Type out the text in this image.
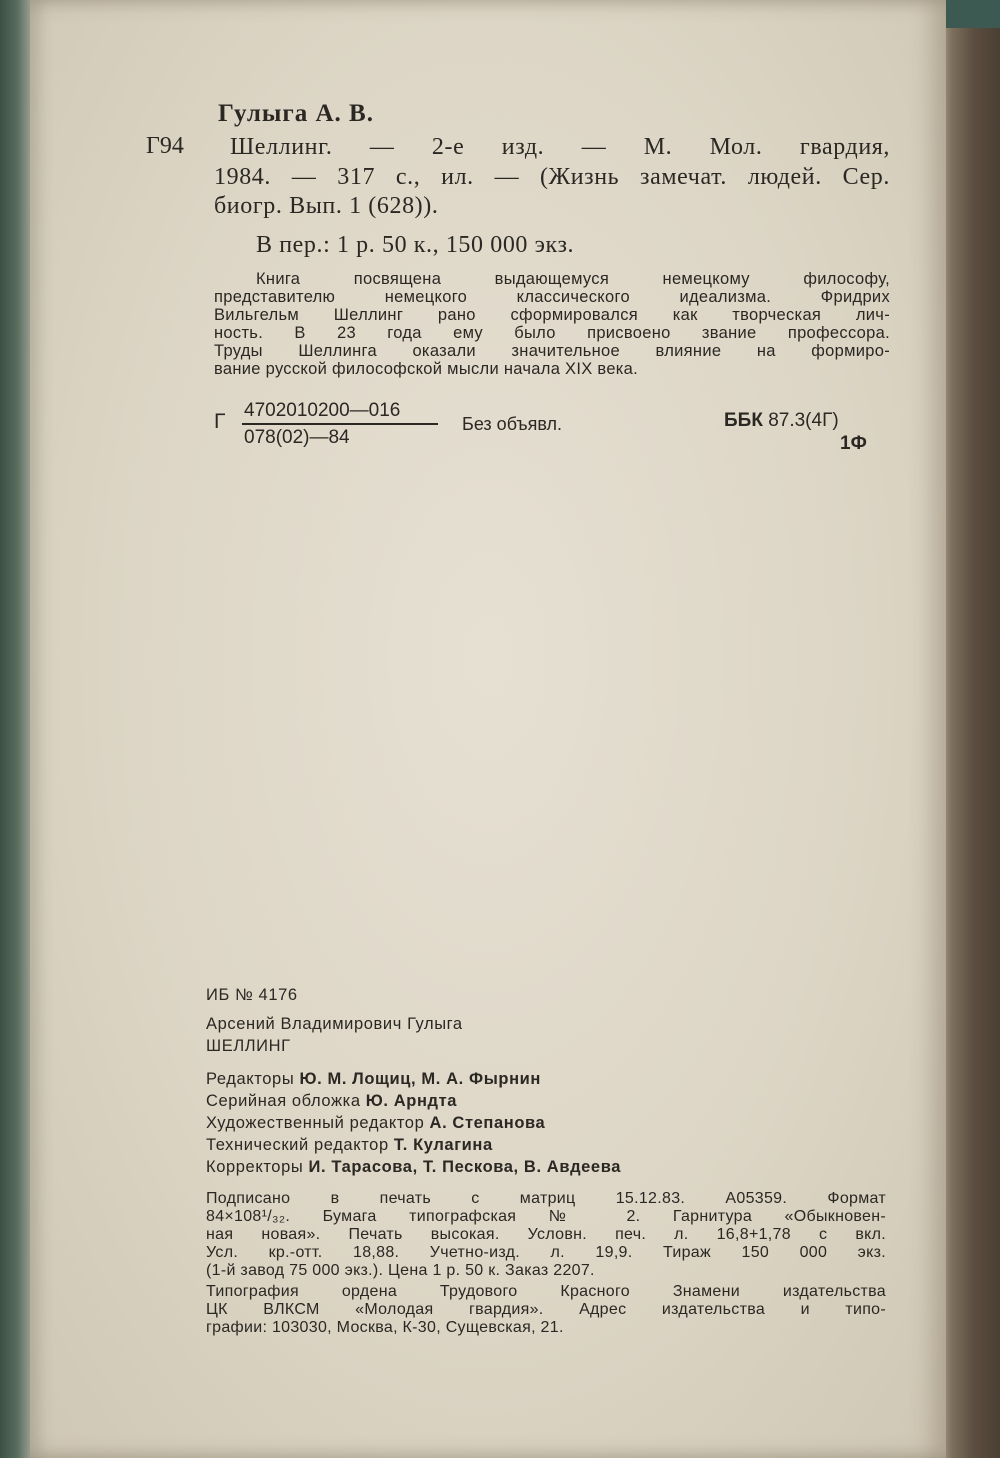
Гулыга А. В.
Г94 Шеллинг. — 2-е изд. — М. Мол. гвардия,
1984. — 317 с., ил. — (Жизнь замечат. людей. Сер.
биогр. Вып. 1 (628)).
В пер.: 1 р. 50 к., 150 000 экз.
Книга посвящена выдающемуся немецкому философу,
представителю немецкого классического идеализма. Фридрих
Вильгельм Шеллинг рано сформировался как творческая лич-
ность. В 23 года ему было присвоено звание профессора.
Труды Шеллинга оказали значительное влияние на формиро-
вание русской философской мысли начала XIX века.
Г 4702010200—016
078(02)—84
Без объявл.	ББК 87.3(4Г)
1Ф
ИБ № 4176
Арсений Владимирович Гулыга
ШЕЛЛИНГ
Редакторы Ю. М. Лощиц, М. А. Фырнин
Серийная обложка Ю. Арндта
Художественный редактор А. Степанова
Технический редактор Т. Кулагина
Корректоры И. Тарасова, Т. Пескова, В. Авдеева
Подписано в печать с матриц 15.12.83. А05359. Формат
84×108¹/₃₂. Бумага типографская № 2. Гарнитура «Обыкновен-
ная новая». Печать высокая. Условн. печ. л. 16,8+1,78 с вкл.
Усл. кр.-отт. 18,88. Учетно-изд. л. 19,9. Тираж 150 000 экз.
(1-й завод 75 000 экз.). Цена 1 р. 50 к. Заказ 2207.
Типография ордена Трудового Красного Знамени издательства
ЦК ВЛКСМ «Молодая гвардия». Адрес издательства и типо-
графии: 103030, Москва, К-30, Сущевская, 21.
